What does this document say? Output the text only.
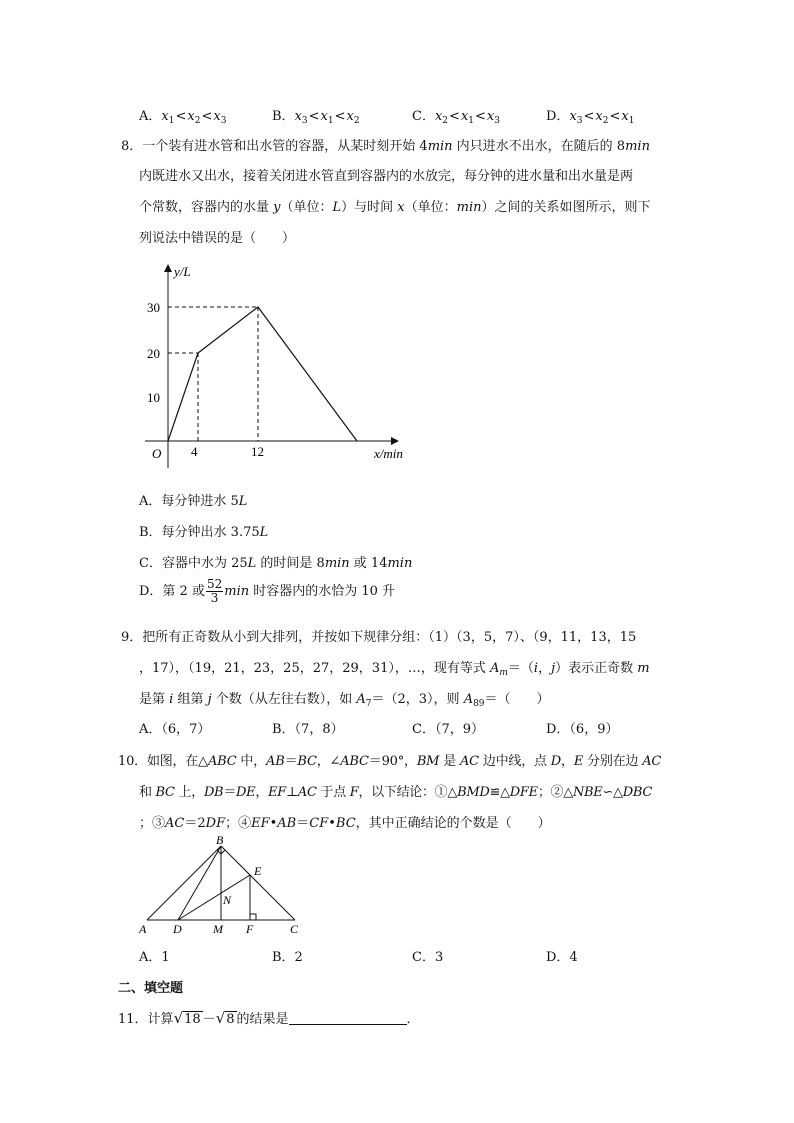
A．$x_1<x_2<x_3$	B．$x_3<x_1<x_2$	C．$x_2<x_1<x_3$	D．$x_3<x_2<x_1$
8．一个装有进水管和出水管的容器，从某时刻开始 4min 内只进水不出水，在随后的 8min
内既进水又出水，接着关闭进水管直到容器内的水放完，每分钟的进水量和出水量是两
个常数，容器内的水量 y（单位：L）与时间 x（单位：min）之间的关系如图所示，则下
列说法中错误的是（　　）
y/L
30
20
10
O 4	12	x/min
A．每分钟进水 5L
B．每分钟出水 3.75L
C．容器中水为 25L 的时间是 8min 或 14min
D．第 2 或 $\frac{52}{3}$ min 时容器内的水恰为 10 升
9．把所有正奇数从小到大排列，并按如下规律分组：（1）（3，5，7）、（9，11，13，15
，17），（19，21，23，25，27，29，31），…，现有等式 $A_m=(i$，j）表示正奇数 m
是第 i 组第 j 个数（从左往右数），如 $A_7=(2$，3），则 $A_{89}=$（　　）
A．（6，7）	B．（7，8）	C．（7，9）	D．（6，9）
10．如图，在△ABC 中，AB＝BC，∠ABC＝90°，BM 是 AC 边中线，点 D，E 分别在边 AC
和 BC 上，DB＝DE，EF⊥AC 于点 F，以下结论：①△BMD≌△DFE；②△NBE∽△DBC
；③AC＝2DF；④EF•AB＝CF•BC，其中正确结论的个数是（　　）
B
E
N
A D	M F	C
A．1	B．2	C．3	D．4
二、填空题
11．计算√18 －√8 的结果是	．
